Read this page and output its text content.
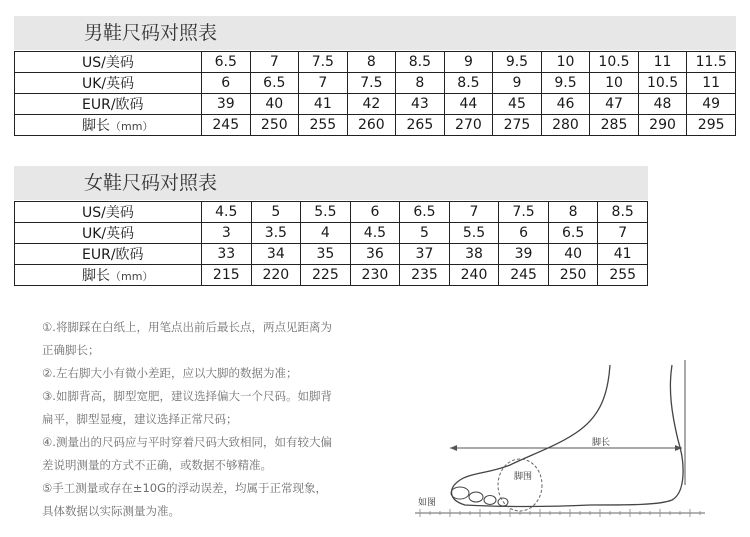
男鞋尺码对照表
US/美码	6.5	7	7.5	8	8.5	9	9.5	10	10.5	11	11.5
UK/英码	6	6.5	7	7.5	8	8.5	9	9.5	10	10.5	11
EUR/欧码	39	40	41	42	43	44	45	46	47	48	49
脚长（mm）	245	250	255	260	265	270	275	280	285	290	295
女鞋尺码对照表
US/美码	4.5	5	5.5	6	6.5	7	7.5	8	8.5
UK/英码	3	3.5	4	4.5	5	5.5	6	6.5	7
EUR/欧码	33	34	35	36	37	38	39	40	41
脚长（mm）	215	220	225	230	235	240	245	250	255

①.将脚踩在白纸上，用笔点出前后最长点，两点见距离为

正确脚长；

②.左右脚大小有微小差距，应以大脚的数据为准；

③.如脚背高，脚型宽肥，建议选择偏大一个尺码。如脚背

扁平，脚型显瘦，建议选择正常尺码；

④.测量出的尺码应与平时穿着尺码大致相同，如有较大偏

差说明测量的方式不正确，或数据不够精准。

⑤手工测量或存在±10G的浮动误差，均属于正常现象，

具体数据以实际测量为准。

脚长
脚围
如图
